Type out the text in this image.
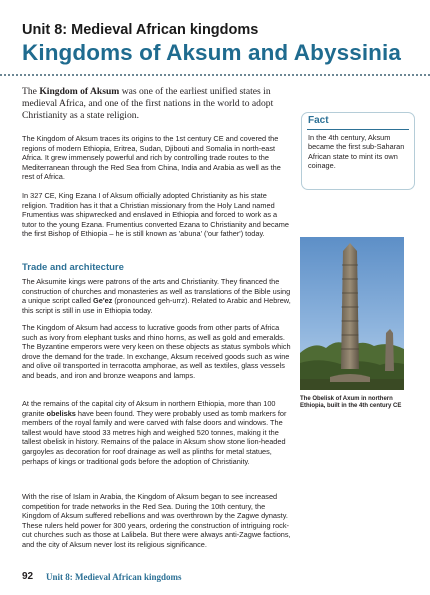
Unit 8: Medieval African kingdoms
Kingdoms of Aksum and Abyssinia

The Kingdom of Aksum was one of the earliest unified states in medieval Africa, and one of the first nations in the world to adopt Christianity as a state religion.

The Kingdom of Aksum traces its origins to the 1st century CE and covered the regions of modern Ethiopia, Eritrea, Sudan, Djibouti and Somalia in north-east Africa. It grew immensely powerful and rich by controlling trade routes to the Mediterranean through the Red Sea from China, India and Arabia as well as the rest of Africa.

In 327 CE, King Ezana I of Aksum officially adopted Christianity as his state religion. Tradition has it that a Christian missionary from the Holy Land named Frumentius was shipwrecked and enslaved in Ethiopia and forced to work as a tutor to the young Ezana. Frumentius converted Ezana to Christianity and became the first Bishop of Ethiopia – he is still known as 'abuna' ('our father') today.

Trade and architecture

The Aksumite kings were patrons of the arts and Christianity. They financed the construction of churches and monasteries as well as translations of the Bible using a unique script called Ge'ez (pronounced geh-urrz). Related to Arabic and Hebrew, this script is still in use in Ethiopia today.

The Kingdom of Aksum had access to lucrative goods from other parts of Africa such as ivory from elephant tusks and rhino horns, as well as gold and emeralds. The Byzantine emperors were very keen on these objects as status symbols which drove the demand for the trade. In exchange, Aksum received goods such as wine and olive oil transported in terracotta amphorae, as well as textiles, glass vessels and beads, and iron and bronze weapons and lamps.

At the remains of the capital city of Aksum in northern Ethiopia, more than 100 granite obelisks have been found. They were probably used as tomb markers for members of the royal family and were carved with false doors and windows. The tallest would have stood 33 metres high and weighed 520 tonnes, making it the tallest obelisk in history. Remains of the palace in Aksum show stone lion-headed gargoyles as decoration for roof drainage as well as plinths for metal statues, perhaps of kings or traditional gods before the adoption of Christianity.

With the rise of Islam in Arabia, the Kingdom of Aksum began to see increased competition for trade networks in the Red Sea. During the 10th century, the Kingdom of Aksum suffered rebellions and was overthrown by the Zagwe dynasty. These rulers held power for 300 years, ordering the construction of intriguing rock-cut churches such as those at Lalibela. But there were always anti-Zagwe factions, and the city of Aksum never lost its religious significance.

Fact
In the 4th century, Aksum became the first sub-Saharan African state to mint its own coinage.
The Obelisk of Axum in northern Ethiopia, built in the 4th century CE
92 Unit 8: Medieval African kingdoms
